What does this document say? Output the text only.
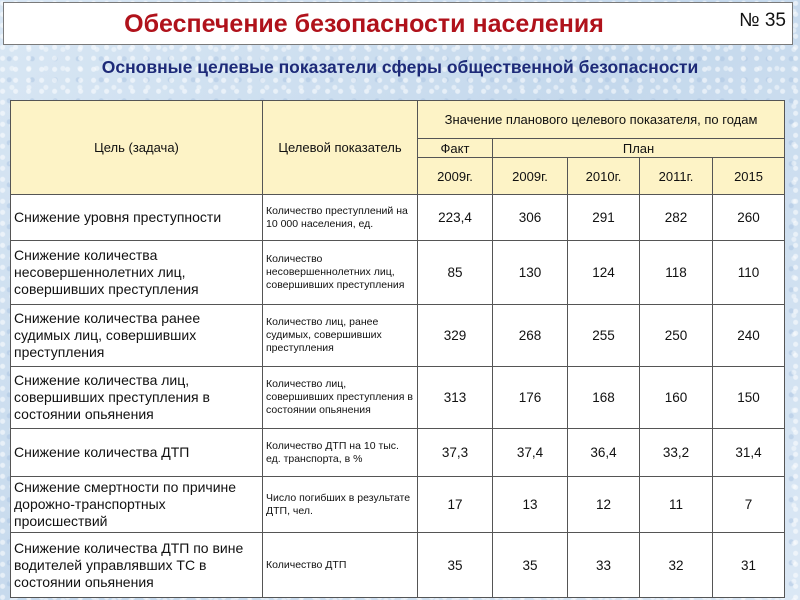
Обеспечение безопасности населения	№ 35
Основные целевые показатели сферы общественной безопасности
Цель (задача)	Целевой показатель	Значение планового целевого показателя, по годам				
		Факт	План			
		2009г.	2009г.	2010г.	2011г.	2015
Снижение уровня преступности	Количество преступлений на 10 000 населения, ед.	223,4	306	291	282	260
Снижение количества несовершеннолетних лиц, совершивших преступления	Количество несовершеннолетних лиц, совершивших преступления	85	130	124	118	110
Снижение количества ранее судимых лиц, совершивших преступления	Количество лиц, ранее судимых, совершивших преступления	329	268	255	250	240
Снижение количества лиц, совершивших преступления в состоянии опьянения	Количество лиц, совершивших преступления в состоянии опьянения	313	176	168	160	150
Снижение количества ДТП	Количество ДТП на 10 тыс. ед. транспорта, в %	37,3	37,4	36,4	33,2	31,4
Снижение смертности по причине дорожно-транспортных происшествий	Число погибших в результате ДТП, чел.	17	13	12	11	7
Снижение количества ДТП по вине водителей управлявших ТС в состоянии опьянения	Количество ДТП	35	35	33	32	31
